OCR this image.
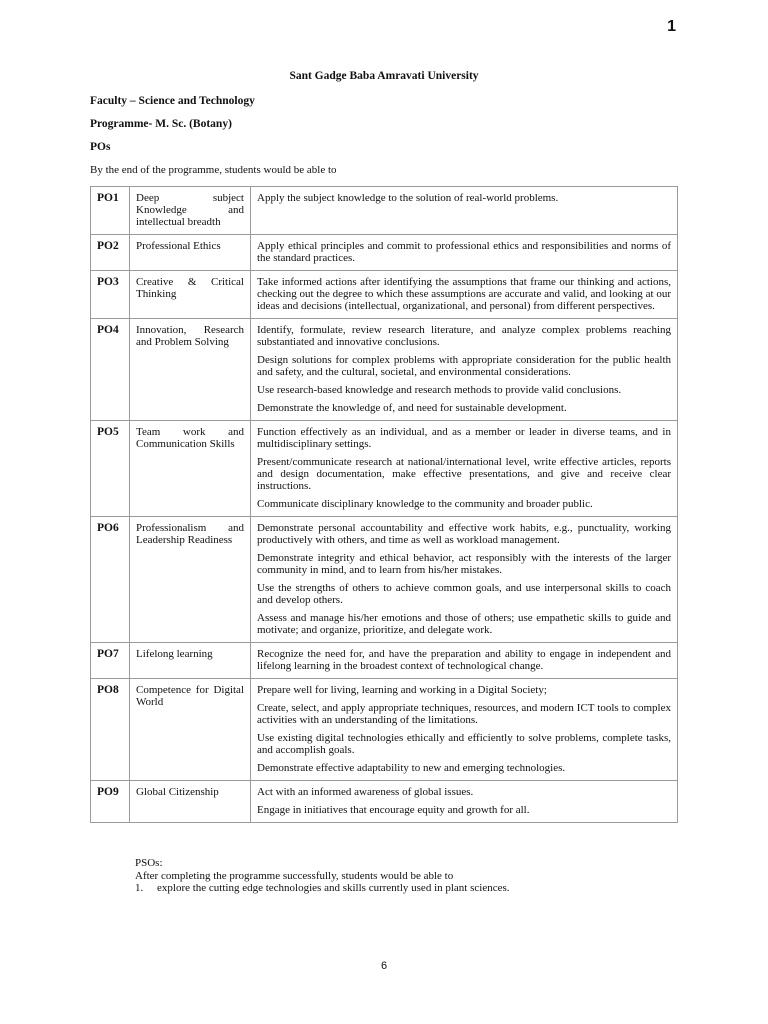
1
Sant Gadge Baba Amravati University
Faculty – Science and Technology
Programme- M. Sc. (Botany)
POs
By the end of the programme, students would be able to
PO1	Deep subject Knowledge and intellectual breadth	Apply the subject knowledge to the solution of real-world problems.

PO2	Professional Ethics	Apply ethical principles and commit to professional ethics and responsibilities and norms of the standard practices.

PO3	Creative & Critical Thinking	Take informed actions after identifying the assumptions that frame our thinking and actions, checking out the degree to which these assumptions are accurate and valid, and looking at our ideas and decisions (intellectual, organizational, and personal) from different perspectives.

PO4	Innovation, Research and Problem Solving	Identify, formulate, review research literature, and analyze complex problems reaching substantiated and innovative conclusions.

Design solutions for complex problems with appropriate consideration for the public health and safety, and the cultural, societal, and environmental considerations.

Use research-based knowledge and research methods to provide valid conclusions.

Demonstrate the knowledge of, and need for sustainable development.

PO5	Team work and Communication Skills	Function effectively as an individual, and as a member or leader in diverse teams, and in multidisciplinary settings.

Present/communicate research at national/international level, write effective articles, reports and design documentation, make effective presentations, and give and receive clear instructions.

Communicate disciplinary knowledge to the community and broader public.

PO6	Professionalism and Leadership Readiness	Demonstrate personal accountability and effective work habits, e.g., punctuality, working productively with others, and time as well as workload management.

Demonstrate integrity and ethical behavior, act responsibly with the interests of the larger community in mind, and to learn from his/her mistakes.

Use the strengths of others to achieve common goals, and use interpersonal skills to coach and develop others.

Assess and manage his/her emotions and those of others; use empathetic skills to guide and motivate; and organize, prioritize, and delegate work.

PO7	Lifelong learning	Recognize the need for, and have the preparation and ability to engage in independent and lifelong learning in the broadest context of technological change.

PO8	Competence for Digital World	Prepare well for living, learning and working in a Digital Society;

Create, select, and apply appropriate techniques, resources, and modern ICT tools to complex activities with an understanding of the limitations.

Use existing digital technologies ethically and efficiently to solve problems, complete tasks, and accomplish goals.

Demonstrate effective adaptability to new and emerging technologies.

PO9	Global Citizenship	Act with an informed awareness of global issues.

Engage in initiatives that encourage equity and growth for all.

PSOs:
After completing the programme successfully, students would be able to
1.	explore the cutting edge technologies and skills currently used in plant sciences.
6
